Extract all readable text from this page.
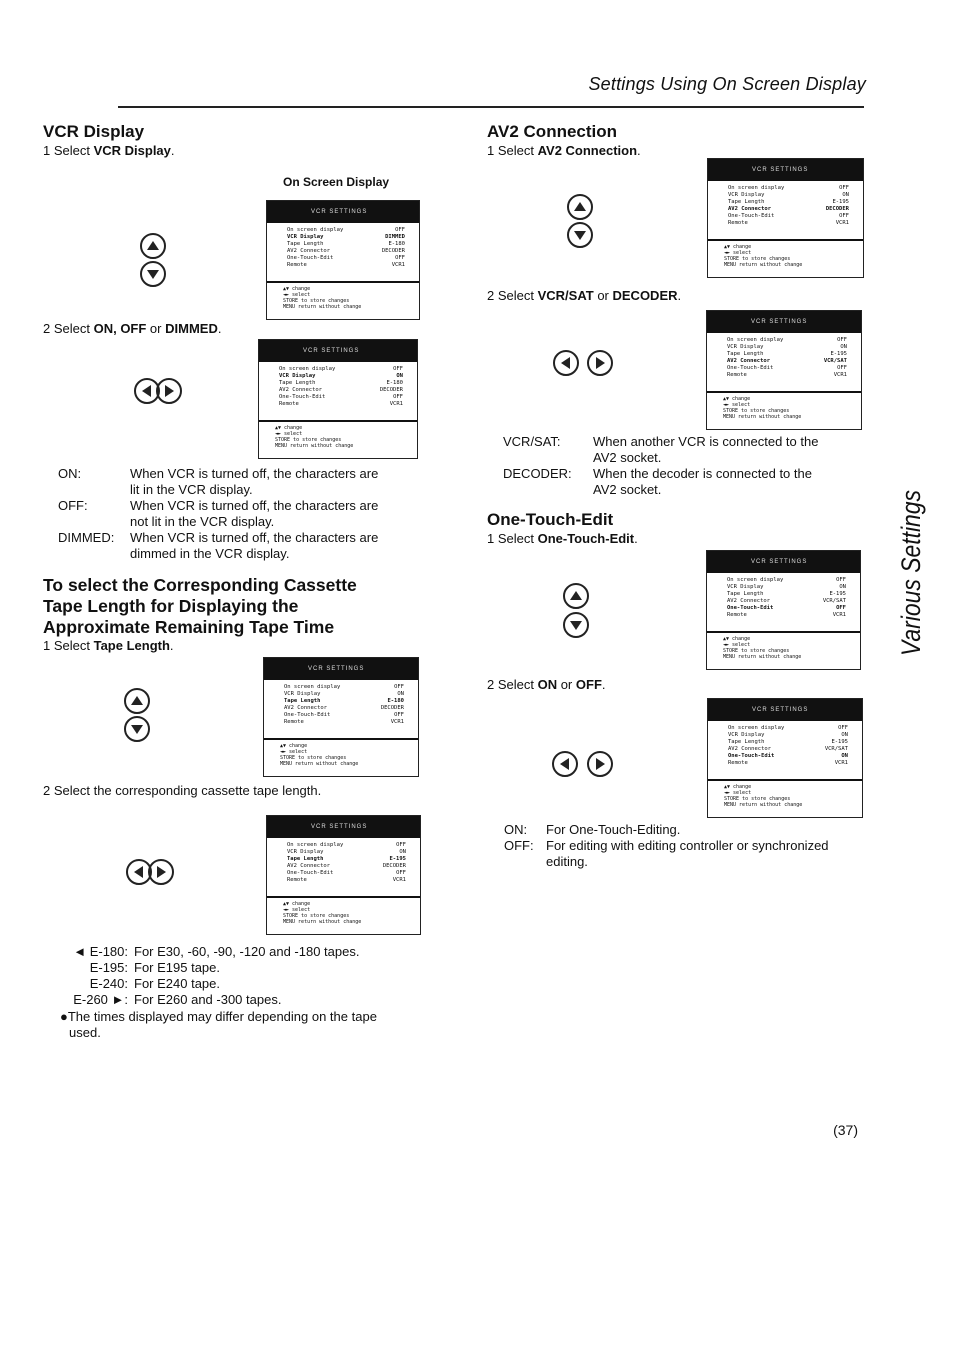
Settings Using On Screen Display
VCR Display
1 Select VCR Display.
On Screen Display
VCR SETTINGS
On screen display	OFF
VCR Display	DIMMED
Tape Length	E-180
AV2 Connector	DECODER
One-Touch-Edit	OFF
Remote	VCR1
▲▼ change
◄► select
STORE to store changes
MENU return without change
2 Select ON, OFF or DIMMED.
VCR SETTINGS
On screen display	OFF
VCR Display	ON
Tape Length	E-180
AV2 Connector	DECODER
One-Touch-Edit	OFF
Remote	VCR1
▲▼ change
◄► select
STORE to store changes
MENU return without change
ON:	When VCR is turned off, the characters are
lit in the VCR display.
OFF:	When VCR is turned off, the characters are
not lit in the VCR display.
DIMMED:	When VCR is turned off, the characters are
dimmed in the VCR display.
To select the Corresponding Cassette
Tape Length for Displaying the
Approximate Remaining Tape Time
1 Select Tape Length.
VCR SETTINGS
On screen display	OFF
VCR Display	ON
Tape Length	E-180
AV2 Connector	DECODER
One-Touch-Edit	OFF
Remote	VCR1
▲▼ change
◄► select
STORE to store changes
MENU return without change
2 Select the corresponding cassette tape length.
VCR SETTINGS
On screen display	OFF
VCR Display	ON
Tape Length	E-195
AV2 Connector	DECODER
One-Touch-Edit	OFF
Remote	VCR1
▲▼ change
◄► select
STORE to store changes
MENU return without change
◄ E-180: For E30, -60, -90, -120 and -180 tapes.
E-195: For E195 tape.
E-240: For E240 tape.
E-260 ►: For E260 and -300 tapes.
●The times displayed may differ depending on the tape
used.
AV2 Connection
1 Select AV2 Connection.
VCR SETTINGS
On screen display	OFF
VCR Display	ON
Tape Length	E-195
AV2 Connector	DECODER
One-Touch-Edit	OFF
Remote	VCR1
▲▼ change
◄► select
STORE to store changes
MENU return without change
2 Select VCR/SAT or DECODER.
VCR SETTINGS
On screen display	OFF
VCR Display	ON
Tape Length	E-195
AV2 Connector	VCR/SAT
One-Touch-Edit	OFF
Remote	VCR1
▲▼ change
◄► select
STORE to store changes
MENU return without change
VCR/SAT:	When another VCR is connected to the
AV2 socket.
DECODER:	When the decoder is connected to the
AV2 socket.
One-Touch-Edit
1 Select One-Touch-Edit.
VCR SETTINGS
On screen display	OFF
VCR Display	ON
Tape Length	E-195
AV2 Connector	VCR/SAT
One-Touch-Edit	OFF
Remote	VCR1
▲▼ change
◄► select
STORE to store changes
MENU return without change
2 Select ON or OFF.
VCR SETTINGS
On screen display	OFF
VCR Display	ON
Tape Length	E-195
AV2 Connector	VCR/SAT
One-Touch-Edit	ON
Remote	VCR1
▲▼ change
◄► select
STORE to store changes
MENU return without change
ON:	For One-Touch-Editing.
OFF: For editing with editing controller or synchronized
editing.
Various Settings
(37)
